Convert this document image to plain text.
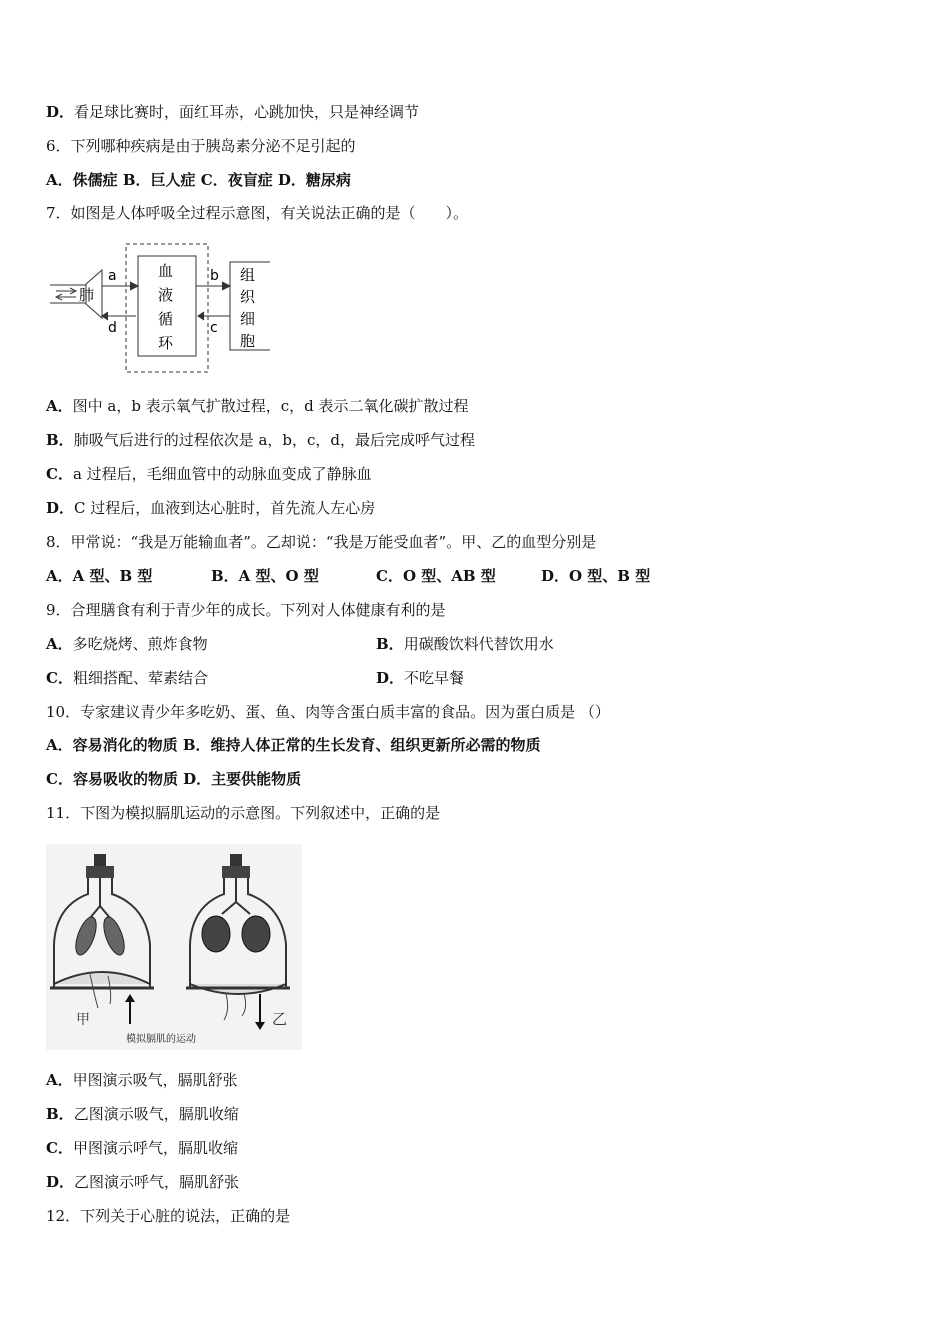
D．看足球比赛时，面红耳赤，心跳加快，只是神经调节
6．下列哪种疾病是由于胰岛素分泌不足引起的
A．侏儒症 B．巨人症 C．夜盲症 D．糖尿病
7．如图是人体呼吸全过程示意图，有关说法正确的是（　　）。
肺
a
d
血
液
循
环
b
c
组
织
细
胞
A．图中 a，b 表示氧气扩散过程，c，d 表示二氧化碳扩散过程
B．肺吸气后进行的过程依次是 a，b，c，d，最后完成呼气过程
C．a 过程后，毛细血管中的动脉血变成了静脉血
D．C 过程后，血液到达心脏时，首先流人左心房
8．甲常说：“我是万能输血者”。乙却说：“我是万能受血者”。甲、乙的血型分别是
A．A 型、B 型	B．A 型、O 型	C．O 型、AB 型	D．O 型、B 型
9．合理膳食有利于青少年的成长。下列对人体健康有利的是
A．多吃烧烤、煎炸食物	B．用碳酸饮料代替饮用水
C．粗细搭配、荤素结合	D．不吃早餐
10．专家建议青少年多吃奶、蛋、鱼、肉等含蛋白质丰富的食品。因为蛋白质是 （）
A．容易消化的物质 B．维持人体正常的生长发育、组织更新所必需的物质
C．容易吸收的物质 D．主要供能物质
11．下图为模拟膈肌运动的示意图。下列叙述中，正确的是
甲	乙
模拟膈肌的运动
A．甲图演示吸气，膈肌舒张
B．乙图演示吸气，膈肌收缩
C．甲图演示呼气，膈肌收缩
D．乙图演示呼气，膈肌舒张
12．下列关于心脏的说法，正确的是
